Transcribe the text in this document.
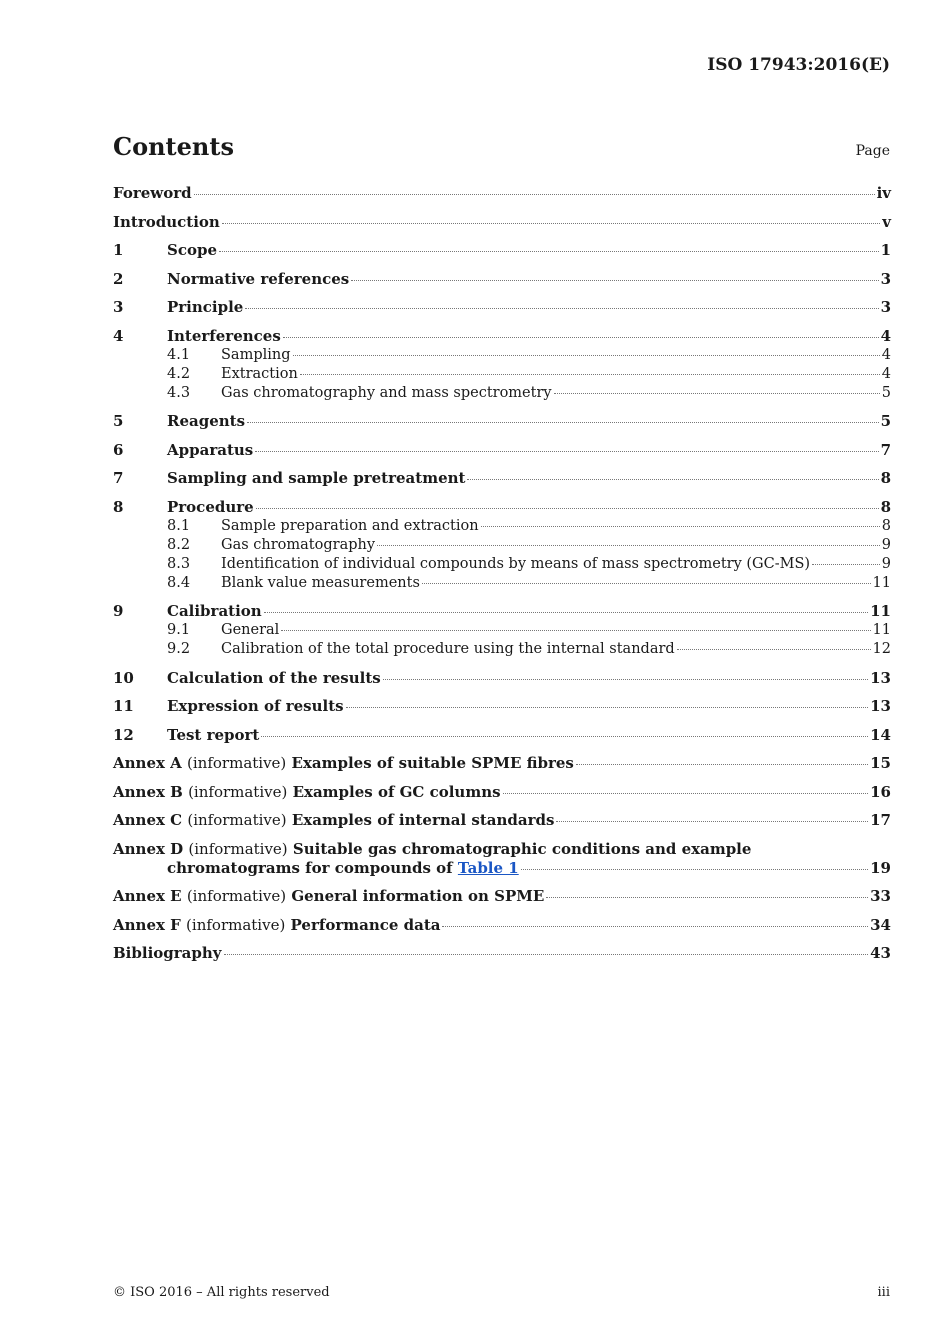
ISO 17943:2016(E)
Contents	Page
Foreword	iv
Introduction	v
1	Scope	1
2	Normative references	3
3	Principle	3
4	Interferences	4
4.1	Sampling	4
4.2	Extraction	4
4.3	Gas chromatography and mass spectrometry	5
5	Reagents	5
6	Apparatus	7
7	Sampling and sample pretreatment	8
8	Procedure	8
8.1	Sample preparation and extraction	8
8.2	Gas chromatography	9
8.3	Identification of individual compounds by means of mass spectrometry (GC-MS)	9
8.4	Blank value measurements	11
9	Calibration	11
9.1	General	11
9.2	Calibration of the total procedure using the internal standard	12
10	Calculation of the results	13
11	Expression of results	13
12	Test report	14
Annex A (informative) Examples of suitable SPME fibres	15
Annex B (informative) Examples of GC columns	16
Annex C (informative) Examples of internal standards	17
Annex D (informative) Suitable gas chromatographic conditions and example
chromatograms for compounds of Table 1	19
Annex E (informative) General information on SPME	33
Annex F (informative) Performance data	34
Bibliography	43
© ISO 2016 – All rights reserved	iii
